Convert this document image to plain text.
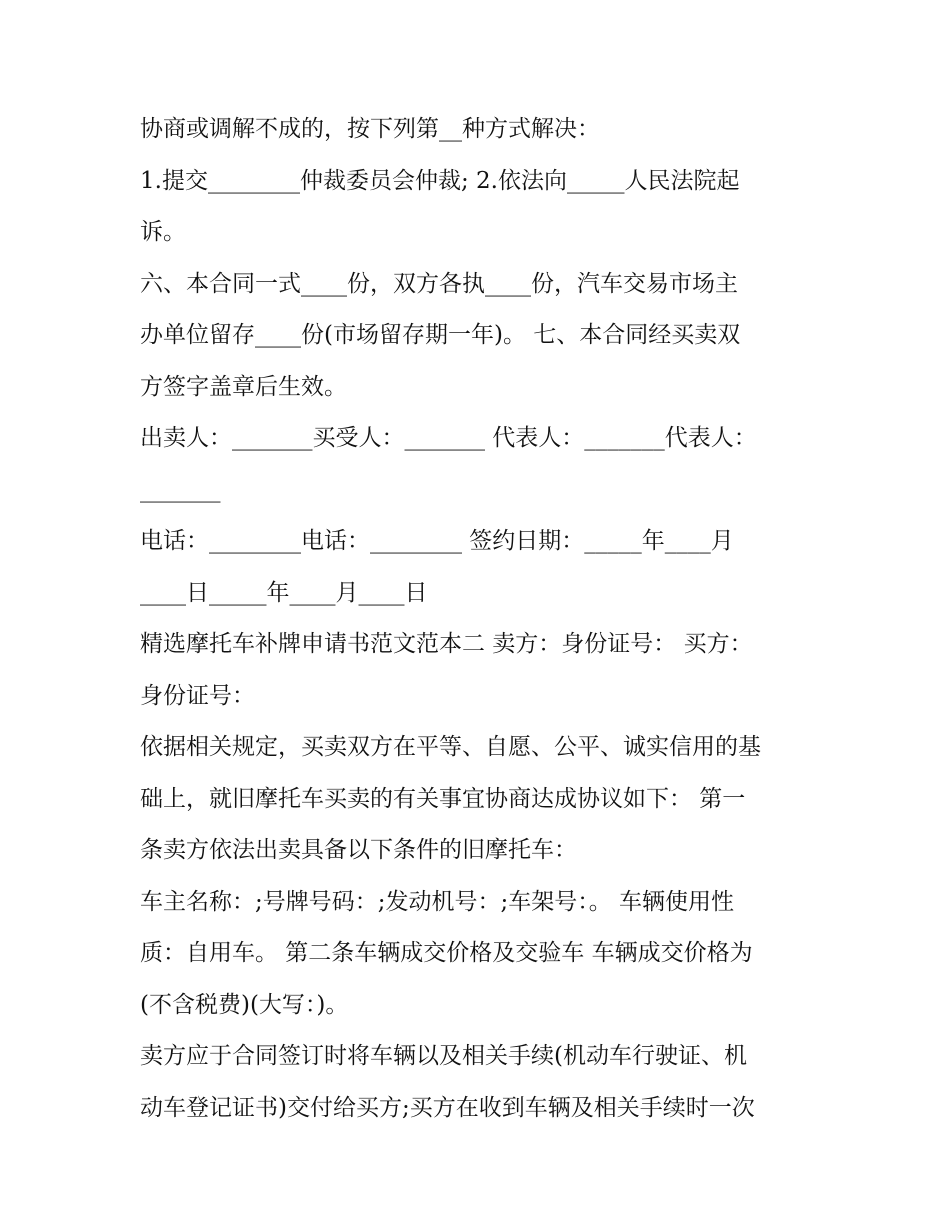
协商或调解不成的，按下列第__种方式解决：
1.提交________仲裁委员会仲裁; 2.依法向_____人民法院起
诉。
六、本合同一式____份，双方各执____份，汽车交易市场主
办单位留存____份(市场留存期一年)。 七、本合同经买卖双
方签字盖章后生效。
出卖人：_______买受人：_______ 代表人：_______代表人：
_______
电话：________电话：________ 签约日期：_____年____月
____日_____年____月____日
精选摩托车补牌申请书范文范本二 卖方：身份证号： 买方：
身份证号：
依据相关规定，买卖双方在平等、自愿、公平、诚实信用的基
础上，就旧摩托车买卖的有关事宜协商达成协议如下： 第一
条卖方依法出卖具备以下条件的旧摩托车：
车主名称：;号牌号码：;发动机号：;车架号：。 车辆使用性
质：自用车。 第二条车辆成交价格及交验车 车辆成交价格为
(不含税费)(大写：)。
卖方应于合同签订时将车辆以及相关手续(机动车行驶证、机
动车登记证书)交付给买方;买方在收到车辆及相关手续时一次
